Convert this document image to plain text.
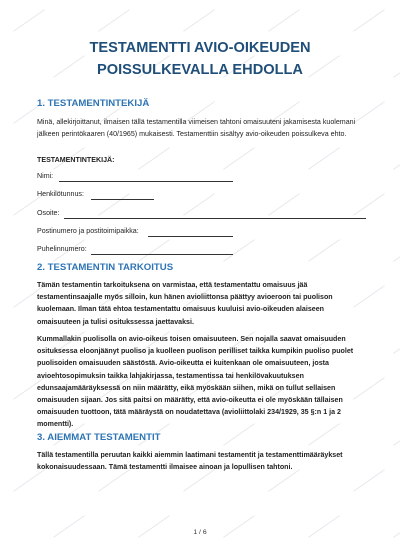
TESTAMENTTI AVIO-OIKEUDEN
POISSULKEVALLA EHDOLLA
1. TESTAMENTINTEKIJÄ
Minä, allekirjoittanut, ilmaisen tällä testamentilla viimeisen tahtoni omaisuuteni jakamisesta kuolemani jälkeen perintökaaren (40/1965) mukaisesti. Testamenttiin sisältyy avio-oikeuden poissulkeva ehto.
TESTAMENTINTEKIJÄ:
Nimi:
Henkilötunnus:
Osoite:
Postinumero ja postitoimipaikka:
Puhelinnumero:
2. TESTAMENTIN TARKOITUS
Tämän testamentin tarkoituksena on varmistaa, että testamentattu omaisuus jää testamentinsaajalle myös silloin, kun hänen avioliittonsa päättyy avioeroon tai puolison kuolemaan. Ilman tätä ehtoa testamentattu omaisuus kuuluisi avio-oikeuden alaiseen omaisuuteen ja tulisi ositukssessa jaettavaksi.
Kummallakin puolisolla on avio-oikeus toisen omaisuuteen. Sen nojalla saavat omaisuuden osituksessa eloonjäänyt puoliso ja kuolleen puolison perilliset taikka kumpikin puoliso puolet puolisoiden omaisuuden säästöstä. Avio-oikeutta ei kuitenkaan ole omaisuuteen, josta avioehtosopimuksin taikka lahjakirjassa, testamentissa tai henkilövakuutuksen edunsaajamääräyksessä on niin määrätty, eikä myöskään siihen, mikä on tullut sellaisen omaisuuden sijaan. Jos sitä paitsi on määrätty, että avio-oikeutta ei ole myöskään tällaisen omaisuuden tuottoon, tätä määräystä on noudatettava (avioliittolaki 234/1929, 35 §:n 1 ja 2 momentti).
3. AIEMMAT TESTAMENTIT
Tällä testamentilla peruutan kaikki aiemmin laatimani testamentit ja testamenttimääräykset kokonaisuudessaan. Tämä testamentti ilmaisee ainoan ja lopullisen tahtoni.
1 / 6
